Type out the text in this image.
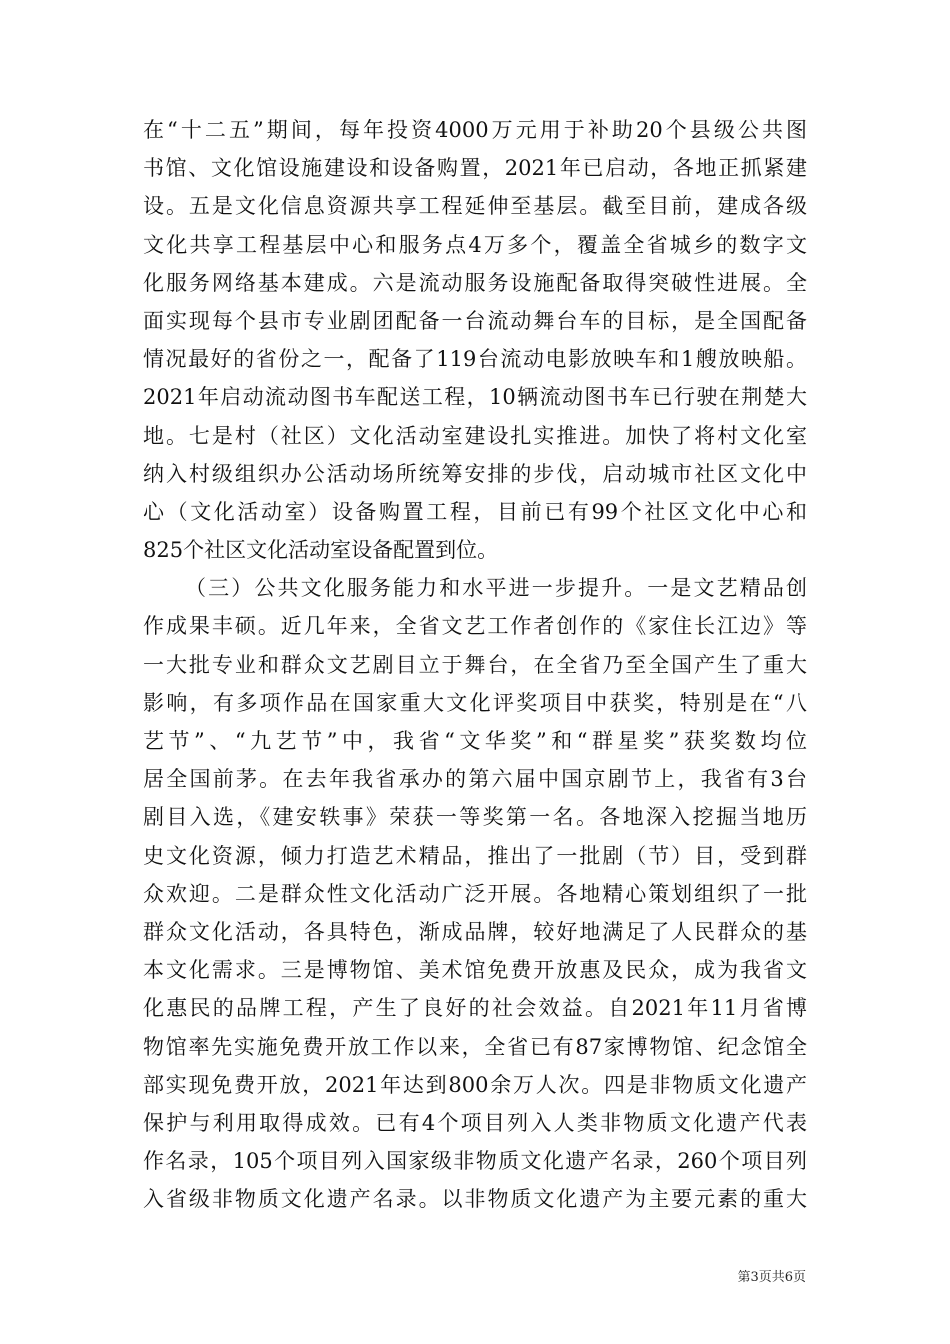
在“十二五”期间，每年投资4000万元用于补助20个县级公共图
书馆、文化馆设施建设和设备购置，2021年已启动，各地正抓紧建
设。五是文化信息资源共享工程延伸至基层。截至目前，建成各级
文化共享工程基层中心和服务点4万多个，覆盖全省城乡的数字文
化服务网络基本建成。六是流动服务设施配备取得突破性进展。全
面实现每个县市专业剧团配备一台流动舞台车的目标，是全国配备
情况最好的省份之一，配备了119台流动电影放映车和1艘放映船。
2021年启动流动图书车配送工程，10辆流动图书车已行驶在荆楚大
地。七是村（社区）文化活动室建设扎实推进。加快了将村文化室
纳入村级组织办公活动场所统筹安排的步伐，启动城市社区文化中
心（文化活动室）设备购置工程，目前已有99个社区文化中心和
825个社区文化活动室设备配置到位。
（三）公共文化服务能力和水平进一步提升。一是文艺精品创
作成果丰硕。近几年来，全省文艺工作者创作的《家住长江边》等
一大批专业和群众文艺剧目立于舞台，在全省乃至全国产生了重大
影响，有多项作品在国家重大文化评奖项目中获奖，特别是在“八
艺节”、“九艺节”中，我省“文华奖”和“群星奖”获奖数均位
居全国前茅。在去年我省承办的第六届中国京剧节上，我省有3台
剧目入选，《建安轶事》荣获一等奖第一名。各地深入挖掘当地历
史文化资源，倾力打造艺术精品，推出了一批剧（节）目，受到群
众欢迎。二是群众性文化活动广泛开展。各地精心策划组织了一批
群众文化活动，各具特色，渐成品牌，较好地满足了人民群众的基
本文化需求。三是博物馆、美术馆免费开放惠及民众，成为我省文
化惠民的品牌工程，产生了良好的社会效益。自2021年11月省博
物馆率先实施免费开放工作以来，全省已有87家博物馆、纪念馆全
部实现免费开放，2021年达到800余万人次。四是非物质文化遗产
保护与利用取得成效。已有4个项目列入人类非物质文化遗产代表
作名录，105个项目列入国家级非物质文化遗产名录，260个项目列
入省级非物质文化遗产名录。以非物质文化遗产为主要元素的重大
第3页共6页
